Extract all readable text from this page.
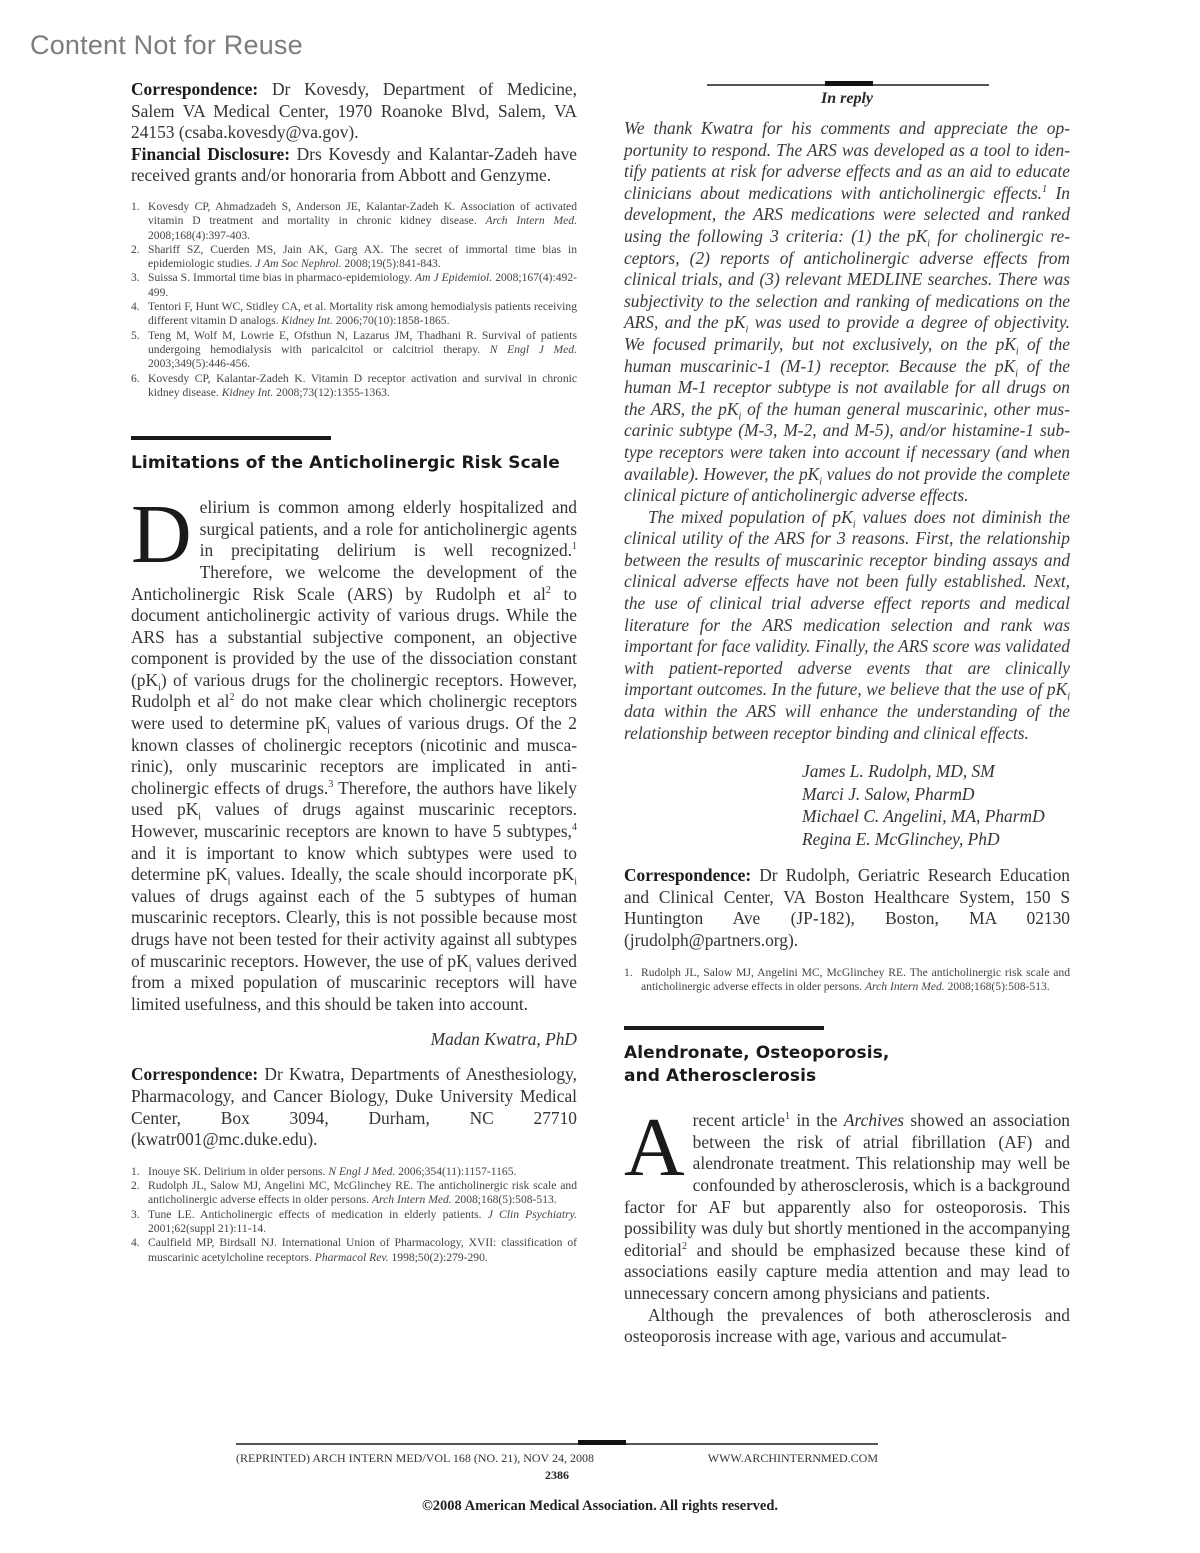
Content Not for Reuse

Correspondence: Dr Kovesdy, Department of Medicine, Salem VA Medical Center, 1970 Roanoke Blvd, Salem, VA 24153 (csaba.kovesdy@va.gov).

Financial Disclosure: Drs Kovesdy and Kalantar-Zadeh have received grants and/or honoraria from Abbott and Genzyme.

1. Kovesdy CP, Ahmadzadeh S, Anderson JE, Kalantar-Zadeh K. Association of activated vitamin D treatment and mortality in chronic kidney disease. Arch Intern Med. 2008;168(4):397-403.
2. Shariff SZ, Cuerden MS, Jain AK, Garg AX. The secret of immortal time bias in epidemiologic studies. J Am Soc Nephrol. 2008;19(5):841-843.
3. Suissa S. Immortal time bias in pharmaco-epidemiology. Am J Epidemiol. 2008;167(4):492-499.
4. Tentori F, Hunt WC, Stidley CA, et al. Mortality risk among hemodialysis patients receiving different vitamin D analogs. Kidney Int. 2006;70(10):1858-1865.
5. Teng M, Wolf M, Lowrie E, Ofsthun N, Lazarus JM, Thadhani R. Survival of patients undergoing hemodialysis with paricalcitol or calcitriol therapy. N Engl J Med. 2003;349(5):446-456.
6. Kovesdy CP, Kalantar-Zadeh K. Vitamin D receptor activation and survival in chronic kidney disease. Kidney Int. 2008;73(12):1355-1363.
Limitations of the Anticholinergic Risk Scale
Delirium is common among elderly hospitalized and surgical patients, and a role for anticholinergic agents in precipitating delirium is well recognized.$^1$ Therefore, we welcome the development of the Anticholinergic Risk Scale (ARS) by Rudolph et $al^2$ to document anticholinergic activity of various drugs. While the ARS has a substantial subjective component, an objective component is provided by the use of the dissociation constant $(pK_i)$ of various drugs for the cholinergic receptors. However, Rudolph et $al^2$ do not make clear which cholinergic receptors were used to determine $pK_i$ values of various drugs. Of the 2 known classes of cholinergic receptors (nicotinic and muscarinic), only muscarinic receptors are implicated in anticholinergic effects of drugs.$^3$ Therefore, the authors have likely used $pK_i$ values of drugs against muscarinic receptors. However, muscarinic receptors are known to have 5 subtypes,$^4$ and it is important to know which subtypes were used to determine $pK_i$ values. Ideally, the scale should incorporate $pK_i$ values of drugs against each of the 5 subtypes of human muscarinic receptors. Clearly, this is not possible because most drugs have not been tested for their activity against all subtypes of muscarinic receptors. However, the use of $pK_i$ values derived from a mixed population of muscarinic receptors will have limited usefulness, and this should be taken into account.
Madan Kwatra, PhD

Correspondence: Dr Kwatra, Departments of Anesthesiology, Pharmacology, and Cancer Biology, Duke University Medical Center, Box 3094, Durham, NC 27710 (kwatr001@mc.duke.edu).

1. Inouye SK. Delirium in older persons. N Engl J Med. 2006;354(11):1157-1165.
2. Rudolph JL, Salow MJ, Angelini MC, McGlinchey RE. The anticholinergic risk scale and anticholinergic adverse effects in older persons. Arch Intern Med. 2008;168(5):508-513.
3. Tune LE. Anticholinergic effects of medication in elderly patients. J Clin Psychiatry. 2001;62(suppl 21):11-14.
4. Caulfield MP, Birdsall NJ. International Union of Pharmacology, XVII: classification of muscarinic acetylcholine receptors. Pharmacol Rev. 1998;50(2):279-290.
In reply
We thank Kwatra for his comments and appreciate the opportunity to respond. The ARS was developed as a tool to identify patients at risk for adverse effects and as an aid to educate clinicians about medications with anticholinergic effects.$^1$ In development, the ARS medications were selected and ranked using the following 3 criteria: (1) the $pK_i$ for cholinergic receptors, (2) reports of anticholinergic adverse effects from clinical trials, and (3) relevant MEDLINE searches. There was subjectivity to the selection and ranking of medications on the ARS, and the $pK_i$ was used to provide a degree of objectivity. We focused primarily, but not exclusively, on the $pK_i$ of the human muscarinic-1 (M-1) receptor. Because the $pK_i$ of the human M-1 receptor subtype is not available for all drugs on the ARS, the $pK_i$ of the human general muscarinic, other muscarinic subtype (M-3, M-2, and M-5), and/or histamine-1 subtype receptors were taken into account if necessary (and when available). However, the $pK_i$ values do not provide the complete clinical picture of anticholinergic adverse effects.
The mixed population of $pK_i$ values does not diminish the clinical utility of the ARS for 3 reasons. First, the relationship between the results of muscarinic receptor binding assays and clinical adverse effects have not been fully established. Next, the use of clinical trial adverse effect reports and medical literature for the ARS medication selection and rank was important for face validity. Finally, the ARS score was validated with patient-reported adverse events that are clinically important outcomes. In the future, we believe that the use of $pK_i$ data within the ARS will enhance the understanding of the relationship between receptor binding and clinical effects.
James L. Rudolph, MD, SM
Marci J. Salow, PharmD
Michael C. Angelini, MA, PharmD
Regina E. McGlinchey, PhD

Correspondence: Dr Rudolph, Geriatric Research Education and Clinical Center, VA Boston Healthcare System, 150 S Huntington Ave (JP-182), Boston, MA 02130 (jrudolph@partners.org).

1. Rudolph JL, Salow MJ, Angelini MC, McGlinchey RE. The anticholinergic risk scale and anticholinergic adverse effects in older persons. Arch Intern Med. 2008;168(5):508-513.
Alendronate, Osteoporosis,
and Atherosclerosis
A recent article$^1$ in the Archives showed an association between the risk of atrial fibrillation (AF) and alendronate treatment. This relationship may well be confounded by atherosclerosis, which is a background factor for AF but apparently also for osteoporosis. This possibility was duly but shortly mentioned in the accompanying editorial$^2$ and should be emphasized because these kind of associations easily capture media attention and may lead to unnecessary concern among physicians and patients.
Although the prevalences of both atherosclerosis and osteoporosis increase with age, various and accumulat-
(REPRINTED) ARCH INTERN MED/VOL 168 (NO. 21), NOV 24, 2008	WWW.ARCHINTERNMED.COM
2386
©2008 American Medical Association. All rights reserved.
